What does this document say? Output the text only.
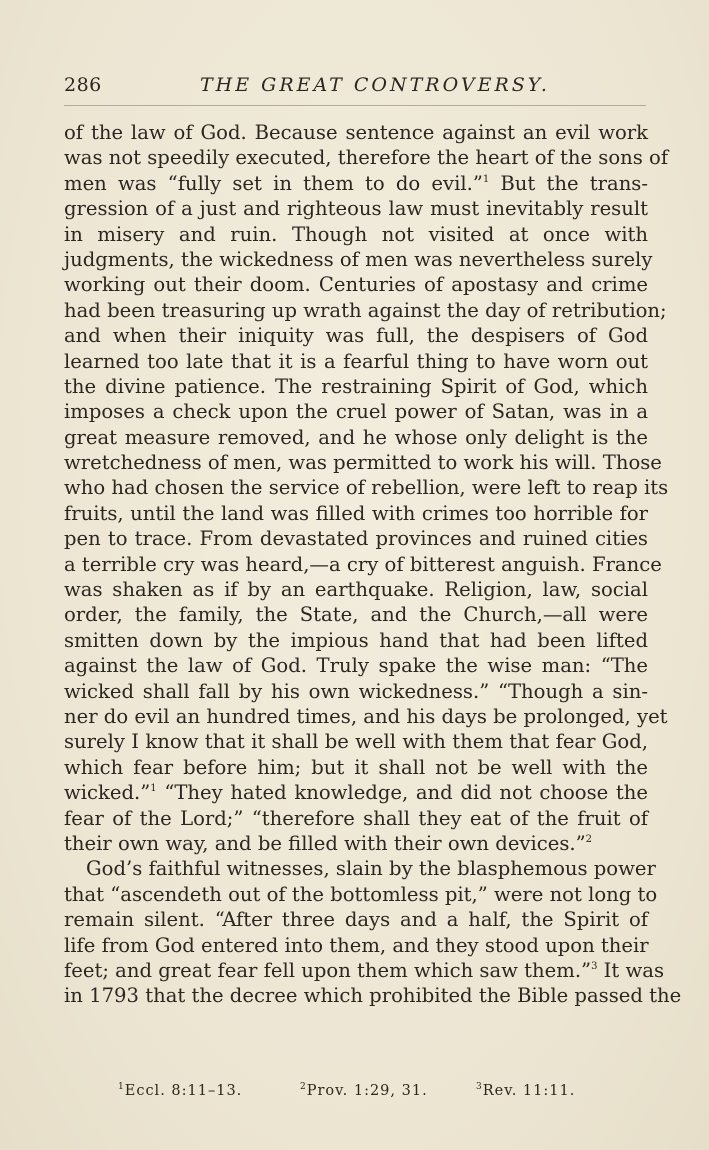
286	THE GREAT CONTROVERSY.
of the law of God. Because sentence against an evil work
was not speedily executed, therefore the heart of the sons of
men was “fully set in them to do evil.”$^1$ But the trans-
gression of a just and righteous law must inevitably result
in misery and ruin. Though not visited at once with
judgments, the wickedness of men was nevertheless surely
working out their doom. Centuries of apostasy and crime
had been treasuring up wrath against the day of retribution;
and when their iniquity was full, the despisers of God
learned too late that it is a fearful thing to have worn out
the divine patience. The restraining Spirit of God, which
imposes a check upon the cruel power of Satan, was in a
great measure removed, and he whose only delight is the
wretchedness of men, was permitted to work his will. Those
who had chosen the service of rebellion, were left to reap its
fruits, until the land was filled with crimes too horrible for
pen to trace. From devastated provinces and ruined cities
a terrible cry was heard,—a cry of bitterest anguish. France
was shaken as if by an earthquake. Religion, law, social
order, the family, the State, and the Church,—all were
smitten down by the impious hand that had been lifted
against the law of God. Truly spake the wise man: “The
wicked shall fall by his own wickedness.” “Though a sin-
ner do evil an hundred times, and his days be prolonged, yet
surely I know that it shall be well with them that fear God,
which fear before him; but it shall not be well with the
wicked.”$^1$ “They hated knowledge, and did not choose the
fear of the Lord;” “therefore shall they eat of the fruit of
their own way, and be filled with their own devices.”$^2$
God’s faithful witnesses, slain by the blasphemous power
that “ascendeth out of the bottomless pit,” were not long to
remain silent. “After three days and a half, the Spirit of
life from God entered into them, and they stood upon their
feet; and great fear fell upon them which saw them.”$^3$ It was
in 1793 that the decree which prohibited the Bible passed the
$^1$Eccl. 8:11–13.	$^2$Prov. 1:29, 31.	$^3$Rev. 11:11.
